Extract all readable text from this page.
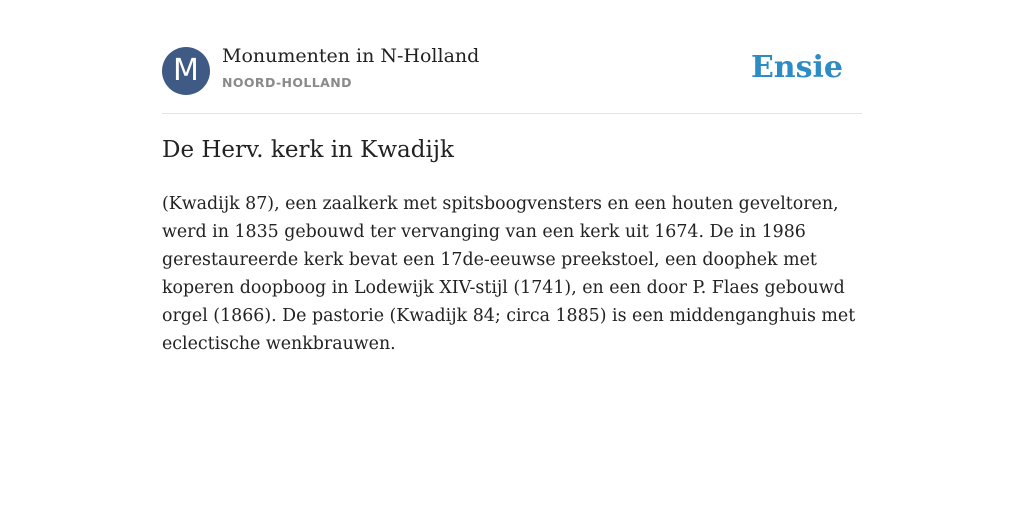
M	Monumenten in N-Holland
NOORD-HOLLAND	Ensie
De Herv. kerk in Kwadijk
(Kwadijk 87), een zaalkerk met spitsboogvensters en een houten geveltoren, werd in 1835 gebouwd ter vervanging van een kerk uit 1674. De in 1986 gerestaureerde kerk bevat een 17de-eeuwse preekstoel, een doophek met koperen doopboog in Lodewijk XIV-stijl (1741), en een door P. Flaes gebouwd orgel (1866). De pastorie (Kwadijk 84; circa 1885) is een middenganghuis met eclectische wenkbrauwen.
